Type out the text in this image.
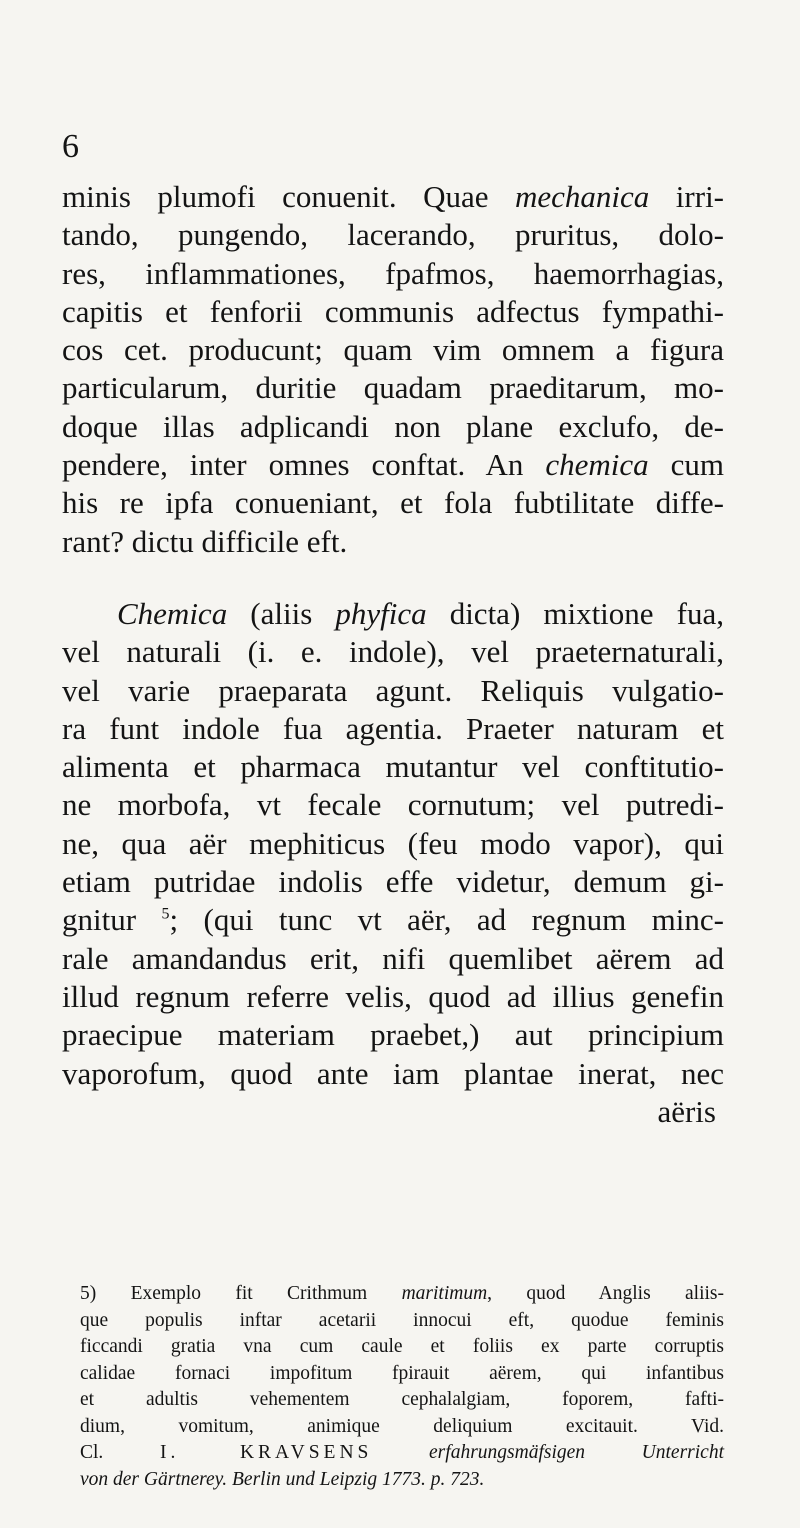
6
minis plumofi conuenit. Quae mechanica irri-
tando, pungendo, lacerando, pruritus, dolo-
res, inflammationes, fpafmos, haemorrhagias,
capitis et fenforii communis adfectus fympathi-
cos cet. producunt; quam vim omnem a figura
particularum, duritie quadam praeditarum, mo-
doque illas adplicandi non plane exclufo, de-
pendere, inter omnes conftat. An chemica cum
his re ipfa conueniant, et fola fubtilitate diffe-
rant? dictu difficile eft.
Chemica (aliis phyfica dicta) mixtione fua,
vel naturali (i. e. indole), vel praeternaturali,
vel varie praeparata agunt. Reliquis vulgatio-
ra funt indole fua agentia. Praeter naturam et
alimenta et pharmaca mutantur vel conftitutio-
ne morbofa, vt fecale cornutum; vel putredi-
ne, qua aër mephiticus (feu modo vapor), qui
etiam putridae indolis effe videtur, demum gi-
gnitur $^5$; (qui tunc vt aër, ad regnum minc-
rale amandandus erit, nifi quemlibet aërem ad
illud regnum referre velis, quod ad illius genefin
praecipue materiam praebet,) aut principium
vaporofum, quod ante iam plantae inerat, nec
aëris
5) Exemplo fit Crithmum maritimum, quod Anglis aliis-
que populis inftar acetarii innocui eft, quodue feminis
ficcandi gratia vna cum caule et foliis ex parte corruptis
calidae fornaci impofitum fpirauit aërem, qui infantibus
et adultis vehementem cephalalgiam, foporem, fafti-
dium, vomitum, animique deliquium excitauit. Vid.
Cl. I. KRAVSENS	erfahrungsmäfsigen Unterricht
von der Gärtnerey. Berlin und Leipzig 1773. p. 723.
